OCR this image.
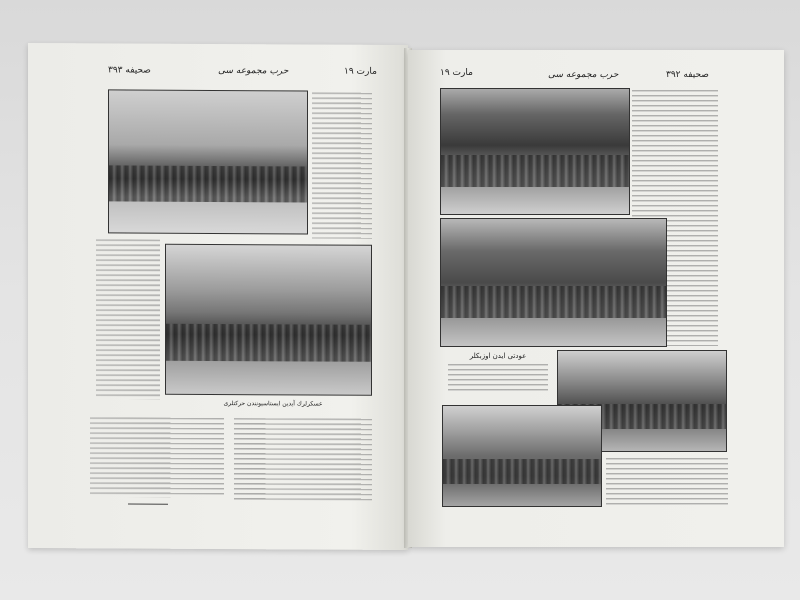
صحيفه ۳۹۳	حرب مجموعه سی	مارت ۱۹
عسكرلرك آيدين ايستاسيونندن حركتلرى
مارت ۱۹	حرب مجموعه سی	صحيفه ۳۹۲
عودتى ايدن اوزبكلر
